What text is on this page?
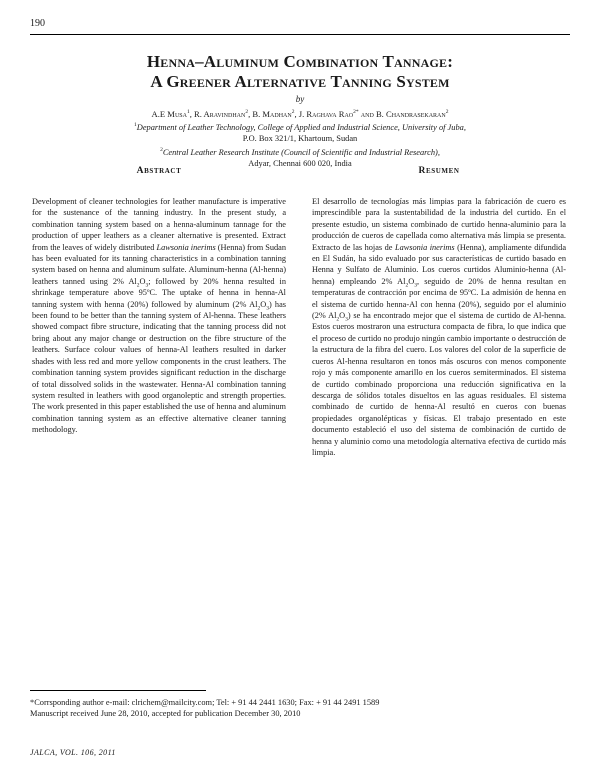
190
Henna–Aluminum Combination Tannage:
A Greener Alternative Tanning System
by
A.E Musa$^1$, R. Aravindhan$^2$, B. Madhan$^2$, J. Raghava Rao$^{2*}$ and B. Chandrasekaran$^2$
$^1$Department of Leather Technology, College of Applied and Industrial Science, University of Juba,
P.O. Box 321/1, Khartoum, Sudan
$^2$Central Leather Research Institute (Council of Scientific and Industrial Research),
Adyar, Chennai 600 020, India
Abstract

Development of cleaner technologies for leather manufacture is imperative for the sustenance of the tanning industry. In the present study, a combination tanning system based on a henna-aluminum tannage for the production of upper leathers as a cleaner alternative is presented. Extract from the leaves of widely distributed Lawsonia inerims (Henna) from Sudan has been evaluated for its tanning characteristics in a combination tanning system based on henna and aluminum sulfate. Aluminum-henna (Al-henna) leathers tanned using 2% $Al_2O_3$; followed by 20% henna resulted in shrinkage temperature above 95ºC. The uptake of henna in henna-Al tanning system with henna (20%) followed by aluminum (2% $Al_2O_3$) has been found to be better than the tanning system of Al-henna. These leathers showed compact fibre structure, indicating that the tanning process did not bring about any major change or destruction on the fibre structure of the leathers. Surface colour values of henna-Al leathers resulted in darker shades with less red and more yellow components in the crust leathers. The combination tanning system provides significant reduction in the discharge of total dissolved solids in the wastewater. Henna-Al combination tanning system resulted in leathers with good organoleptic and strength properties. The work presented in this paper established the use of henna and aluminum combination tanning system as an effective alternative cleaner tanning methodology.

Resumen

El desarrollo de tecnologías más limpias para la fabricación de cuero es imprescindible para la sustentabilidad de la industria del curtido. En el presente estudio, un sistema combinado de curtido henna-aluminio para la producción de cueros de capellada como alternativa más limpia se presenta. Extracto de las hojas de Lawsonia inerims (Henna), ampliamente difundida en El Sudán, ha sido evaluado por sus características de curtido basado en Henna y Sulfato de Aluminio. Los cueros curtidos Aluminio-henna (Al-henna) empleando 2% $Al_2O_3$, seguido de 20% de henna resultan en temperaturas de contracción por encima de 95ºC. La admisión de henna en el sistema de curtido henna-Al con henna (20%), seguido por el aluminio (2% $Al_2O_3$) se ha encontrado mejor que el sistema de curtido de Al-henna. Estos cueros mostraron una estructura compacta de fibra, lo que indica que el proceso de curtido no produjo ningún cambio importante o destrucción de la estructura de la fibra del cuero. Los valores del color de la superficie de cueros Al-henna resultaron en tonos más oscuros con menos componente rojo y más componente amarillo en los cueros semiterminados. El sistema de curtido combinado proporciona una reducción significativa en la descarga de sólidos totales disueltos en las aguas residuales. El sistema combinado de curtido de henna-Al resultó en cueros con buenas propiedades organolépticas y físicas. El trabajo presentado en este documento estableció el uso del sistema de combinación de curtido de henna y aluminio como una metodología alternativa efectiva de curtido más limpia.

*Corrsponding author e-mail: clrichem@mailcity.com; Tel: + 91 44 2441 1630; Fax: + 91 44 2491 1589
Manuscript received June 28, 2010, accepted for publication December 30, 2010
JALCA, VOL. 106, 2011
